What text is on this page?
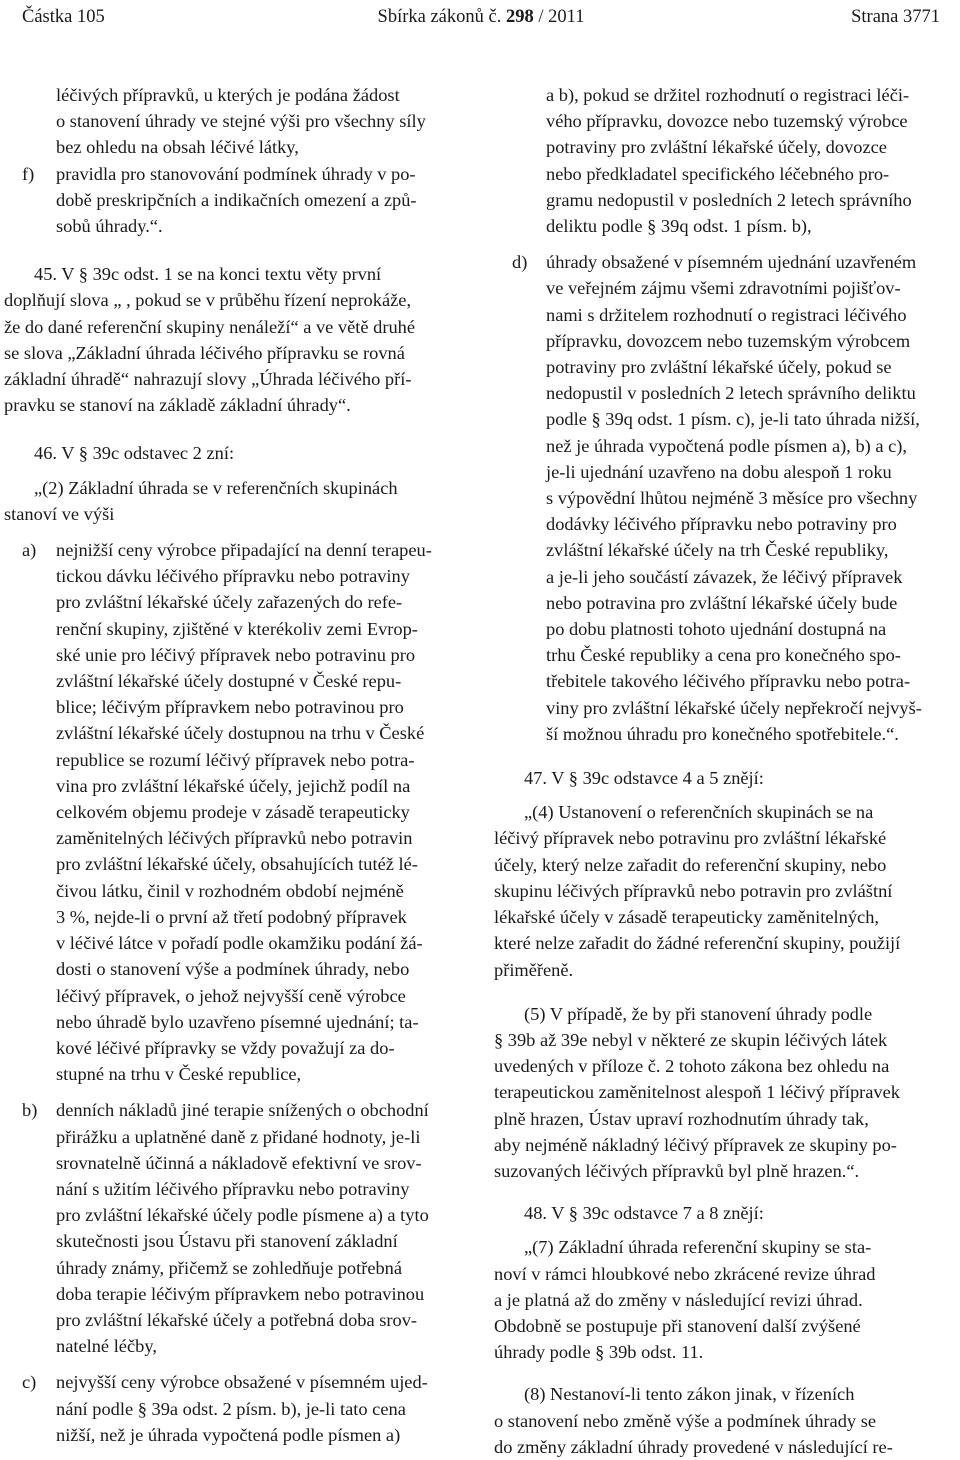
Částka 105	Sbírka zákonů č. 298 / 2011	Strana 3771
léčivých přípravků, u kterých je podána žádost
o stanovení úhrady ve stejné výši pro všechny síly
bez ohledu na obsah léčivé látky,
f) pravidla pro stanovování podmínek úhrady v po-
době preskripčních a indikačních omezení a způ-
sobů úhrady.“.
45. V § 39c odst. 1 se na konci textu věty první
doplňují slova „ , pokud se v průběhu řízení neprokáže,
že do dané referenční skupiny nenáleží“ a ve větě druhé
se slova „Základní úhrada léčivého přípravku se rovná
základní úhradě“ nahrazují slovy „Úhrada léčivého pří-
pravku se stanoví na základě základní úhrady“.
46. V § 39c odstavec 2 zní:
„(2) Základní úhrada se v referenčních skupinách
stanoví ve výši
a) nejnižší ceny výrobce připadající na denní terapeu-
tickou dávku léčivého přípravku nebo potraviny
pro zvláštní lékařské účely zařazených do refe-
renční skupiny, zjištěné v kterékoliv zemi Evrop-
ské unie pro léčivý přípravek nebo potravinu pro
zvláštní lékařské účely dostupné v České repu-
blice; léčivým přípravkem nebo potravinou pro
zvláštní lékařské účely dostupnou na trhu v České
republice se rozumí léčivý přípravek nebo potra-
vina pro zvláštní lékařské účely, jejichž podíl na
celkovém objemu prodeje v zásadě terapeuticky
zaměnitelných léčivých přípravků nebo potravin
pro zvláštní lékařské účely, obsahujících tutéž lé-
čivou látku, činil v rozhodném období nejméně
3 %, nejde-li o první až třetí podobný přípravek
v léčivé látce v pořadí podle okamžiku podání žá-
dosti o stanovení výše a podmínek úhrady, nebo
léčivý přípravek, o jehož nejvyšší ceně výrobce
nebo úhradě bylo uzavřeno písemné ujednání; ta-
kové léčivé přípravky se vždy považují za do-
stupné na trhu v České republice,
b) denních nákladů jiné terapie snížených o obchodní
přirážku a uplatněné daně z přidané hodnoty, je-li
srovnatelně účinná a nákladově efektivní ve srov-
nání s užitím léčivého přípravku nebo potraviny
pro zvláštní lékařské účely podle písmene a) a tyto
skutečnosti jsou Ústavu při stanovení základní
úhrady známy, přičemž se zohledňuje potřebná
doba terapie léčivým přípravkem nebo potravinou
pro zvláštní lékařské účely a potřebná doba srov-
natelné léčby,
c) nejvyšší ceny výrobce obsažené v písemném ujed-
nání podle § 39a odst. 2 písm. b), je-li tato cena
nižší, než je úhrada vypočtená podle písmen a)
a b), pokud se držitel rozhodnutí o registraci léči-
vého přípravku, dovozce nebo tuzemský výrobce
potraviny pro zvláštní lékařské účely, dovozce
nebo předkladatel specifického léčebného pro-
gramu nedopustil v posledních 2 letech správního
deliktu podle § 39q odst. 1 písm. b),
d) úhrady obsažené v písemném ujednání uzavřeném
ve veřejném zájmu všemi zdravotními pojišťov-
nami s držitelem rozhodnutí o registraci léčivého
přípravku, dovozcem nebo tuzemským výrobcem
potraviny pro zvláštní lékařské účely, pokud se
nedopustil v posledních 2 letech správního deliktu
podle § 39q odst. 1 písm. c), je-li tato úhrada nižší,
než je úhrada vypočtená podle písmen a), b) a c),
je-li ujednání uzavřeno na dobu alespoň 1 roku
s výpovědní lhůtou nejméně 3 měsíce pro všechny
dodávky léčivého přípravku nebo potraviny pro
zvláštní lékařské účely na trh České republiky,
a je-li jeho součástí závazek, že léčivý přípravek
nebo potravina pro zvláštní lékařské účely bude
po dobu platnosti tohoto ujednání dostupná na
trhu České republiky a cena pro konečného spo-
třebitele takového léčivého přípravku nebo potra-
viny pro zvláštní lékařské účely nepřekročí nejvyš-
ší možnou úhradu pro konečného spotřebitele.“.
47. V § 39c odstavce 4 a 5 znějí:
„(4) Ustanovení o referenčních skupinách se na
léčivý přípravek nebo potravinu pro zvláštní lékařské
účely, který nelze zařadit do referenční skupiny, nebo
skupinu léčivých přípravků nebo potravin pro zvláštní
lékařské účely v zásadě terapeuticky zaměnitelných,
které nelze zařadit do žádné referenční skupiny, použijí
přiměřeně.
(5) V případě, že by při stanovení úhrady podle
§ 39b až 39e nebyl v některé ze skupin léčivých látek
uvedených v příloze č. 2 tohoto zákona bez ohledu na
terapeutickou zaměnitelnost alespoň 1 léčivý přípravek
plně hrazen, Ústav upraví rozhodnutím úhrady tak,
aby nejméně nákladný léčivý přípravek ze skupiny po-
suzovaných léčivých přípravků byl plně hrazen.“.
48. V § 39c odstavce 7 a 8 znějí:
„(7) Základní úhrada referenční skupiny se sta-
noví v rámci hloubkové nebo zkrácené revize úhrad
a je platná až do změny v následující revizi úhrad.
Obdobně se postupuje při stanovení další zvýšené
úhrady podle § 39b odst. 11.
(8) Nestanoví-li tento zákon jinak, v řízeních
o stanovení nebo změně výše a podmínek úhrady se
do změny základní úhrady provedené v následující re-
